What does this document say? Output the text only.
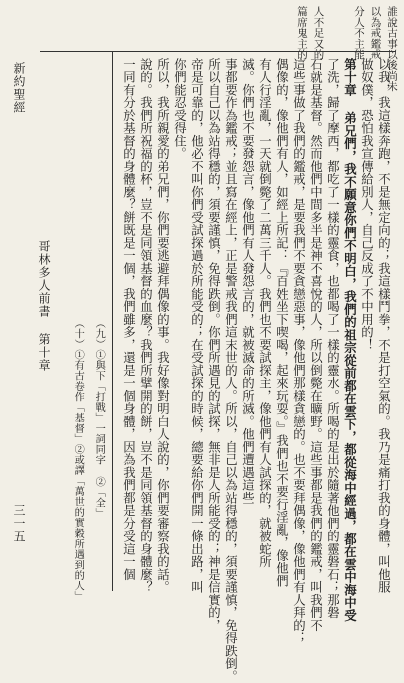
誰說古事以後尚未
以為戒鑑戒
分人不主能
人不足又的
篇席鬼主的
新約聖經
哥林多人前書 第十章
三一五	以我，我這樣奔跑，不是無定向的；我這樣鬥拳，不是打空氣的。我乃是痛打我的身體，叫他服
做奴僕，恐怕我宣傳給別人，自己反成了不中用的！
第十章 弟兄們，我不願意你們不明白，我們的祖宗從前都在雲下，都從海中經過，都在雲中海中受
了洗，歸了摩西，都吃了一樣的靈食，也都喝了一樣的靈水。所喝的是出於隨著他們的靈磐石；那磐
石就是基督。然而他們中間多半是神不喜悅的人，所以倒斃在曠野。這些事都是我們的鑑戒，叫我們不
這些事做了我們的鑑戒，是要我們不要貪戀惡事，像他們那樣貪戀的。也不要拜偶像，像他們有人拜的；
偶像的，像他們有人，如經上所記：『百姓坐下喫喝，起來玩耍。』我們也不要行淫亂，像他們
有人行淫亂，一天就倒斃了二萬三千人。我們也不要試探主，像他們有人試探的，就被蛇所
滅。你們也不要發怨言，像他們有人發怨言的，就被滅命的所滅。他們遭遇這些
事都要作為鑑戒；並且寫在經上，正是警戒我們這末世的人。所以，自己以為站得穩的，須要謹慎，免得跌倒。
所以自己以為站得穩的，須要謹慎，免得跌倒。你們所遇見的試探，無非是人所能受的；神是信實的，
帝是可靠的，他必不叫你們受試探過於所能受的；在受試探的時候，總要給你們開一條出路，叫
你們能忍受得住。
所以，我所親愛的弟兄們，你們要逃避拜偶像的事。我好像對明白人說的，你們要審察我的話。
說的。我們所祝福的杯，豈不是同領基督的血麼？我們所擘開的餅，豈不是同領基督的身體麼？
一同有分於基督的身體麼？餅既是一個，我們雖多，還是一個身體，因為我們都是分受這一個
（九）①與下「打戰」一詞同字 ②「全」
（十）①有古卷作「基督」②或譯「萬世的實穀所遇到的人」
